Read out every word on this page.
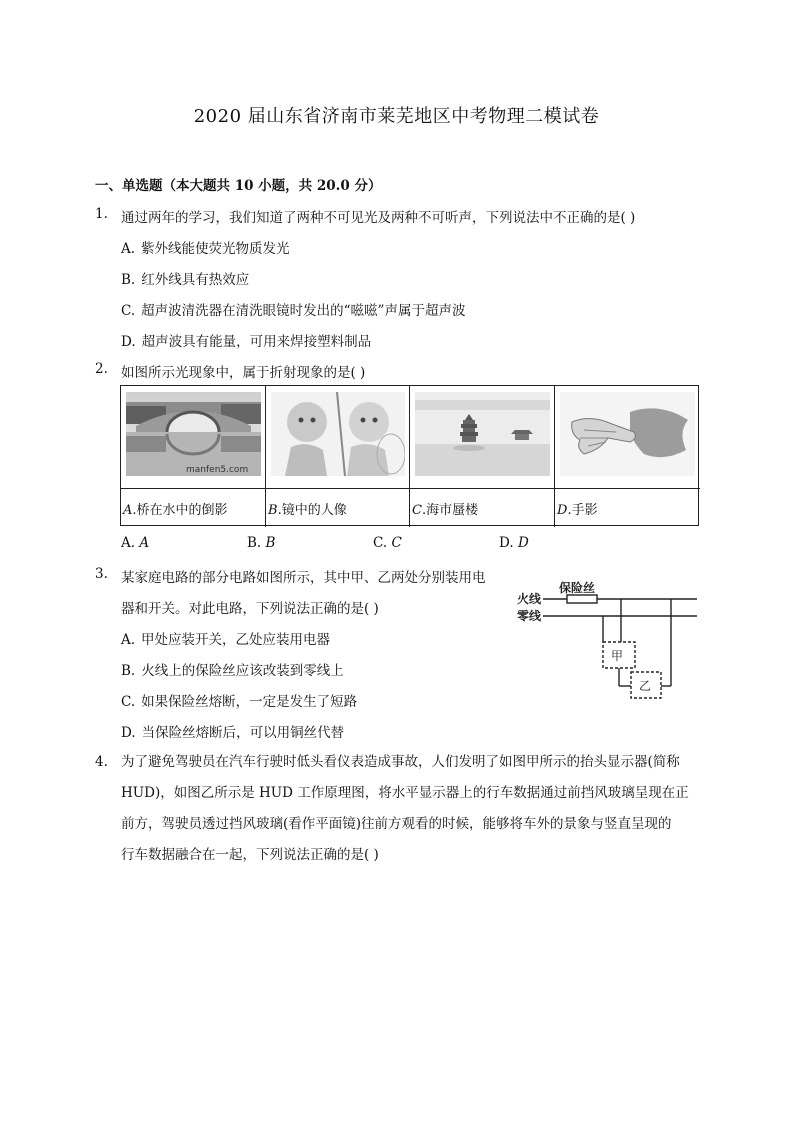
2020 届山东省济南市莱芜地区中考物理二模试卷
一、单选题（本大题共 10 小题，共 20.0 分）
1. 通过两年的学习，我们知道了两种不可见光及两种不可听声，下列说法中不正确的是( )
A. 紫外线能使荧光物质发光
B. 红外线具有热效应
C. 超声波清洗器在清洗眼镜时发出的“嗞嗞”声属于超声波
D. 超声波具有能量，可用来焊接塑料制品
2. 如图所示光现象中，属于折射现象的是( )
manfen5.com
A.桥在水中的倒影	B.镜中的人像	C.海市蜃楼	D.手影
A. A	B. B	C. C	D. D
3. 某家庭电路的部分电路如图所示，其中甲、乙两处分别装用电
器和开关。对此电路，下列说法正确的是( )
A. 甲处应装开关，乙处应装用电器
B. 火线上的保险丝应该改装到零线上
C. 如果保险丝熔断，一定是发生了短路
D. 当保险丝熔断后，可以用铜丝代替
火线
零线
保险丝
甲
乙
4. 为了避免驾驶员在汽车行驶时低头看仪表造成事故，人们发明了如图甲所示的抬头显示器(简称
HUD)，如图乙所示是 HUD 工作原理图，将水平显示器上的行车数据通过前挡风玻璃呈现在正
前方，驾驶员透过挡风玻璃(看作平面镜)往前方观看的时候，能够将车外的景象与竖直呈现的
行车数据融合在一起，下列说法正确的是( )
